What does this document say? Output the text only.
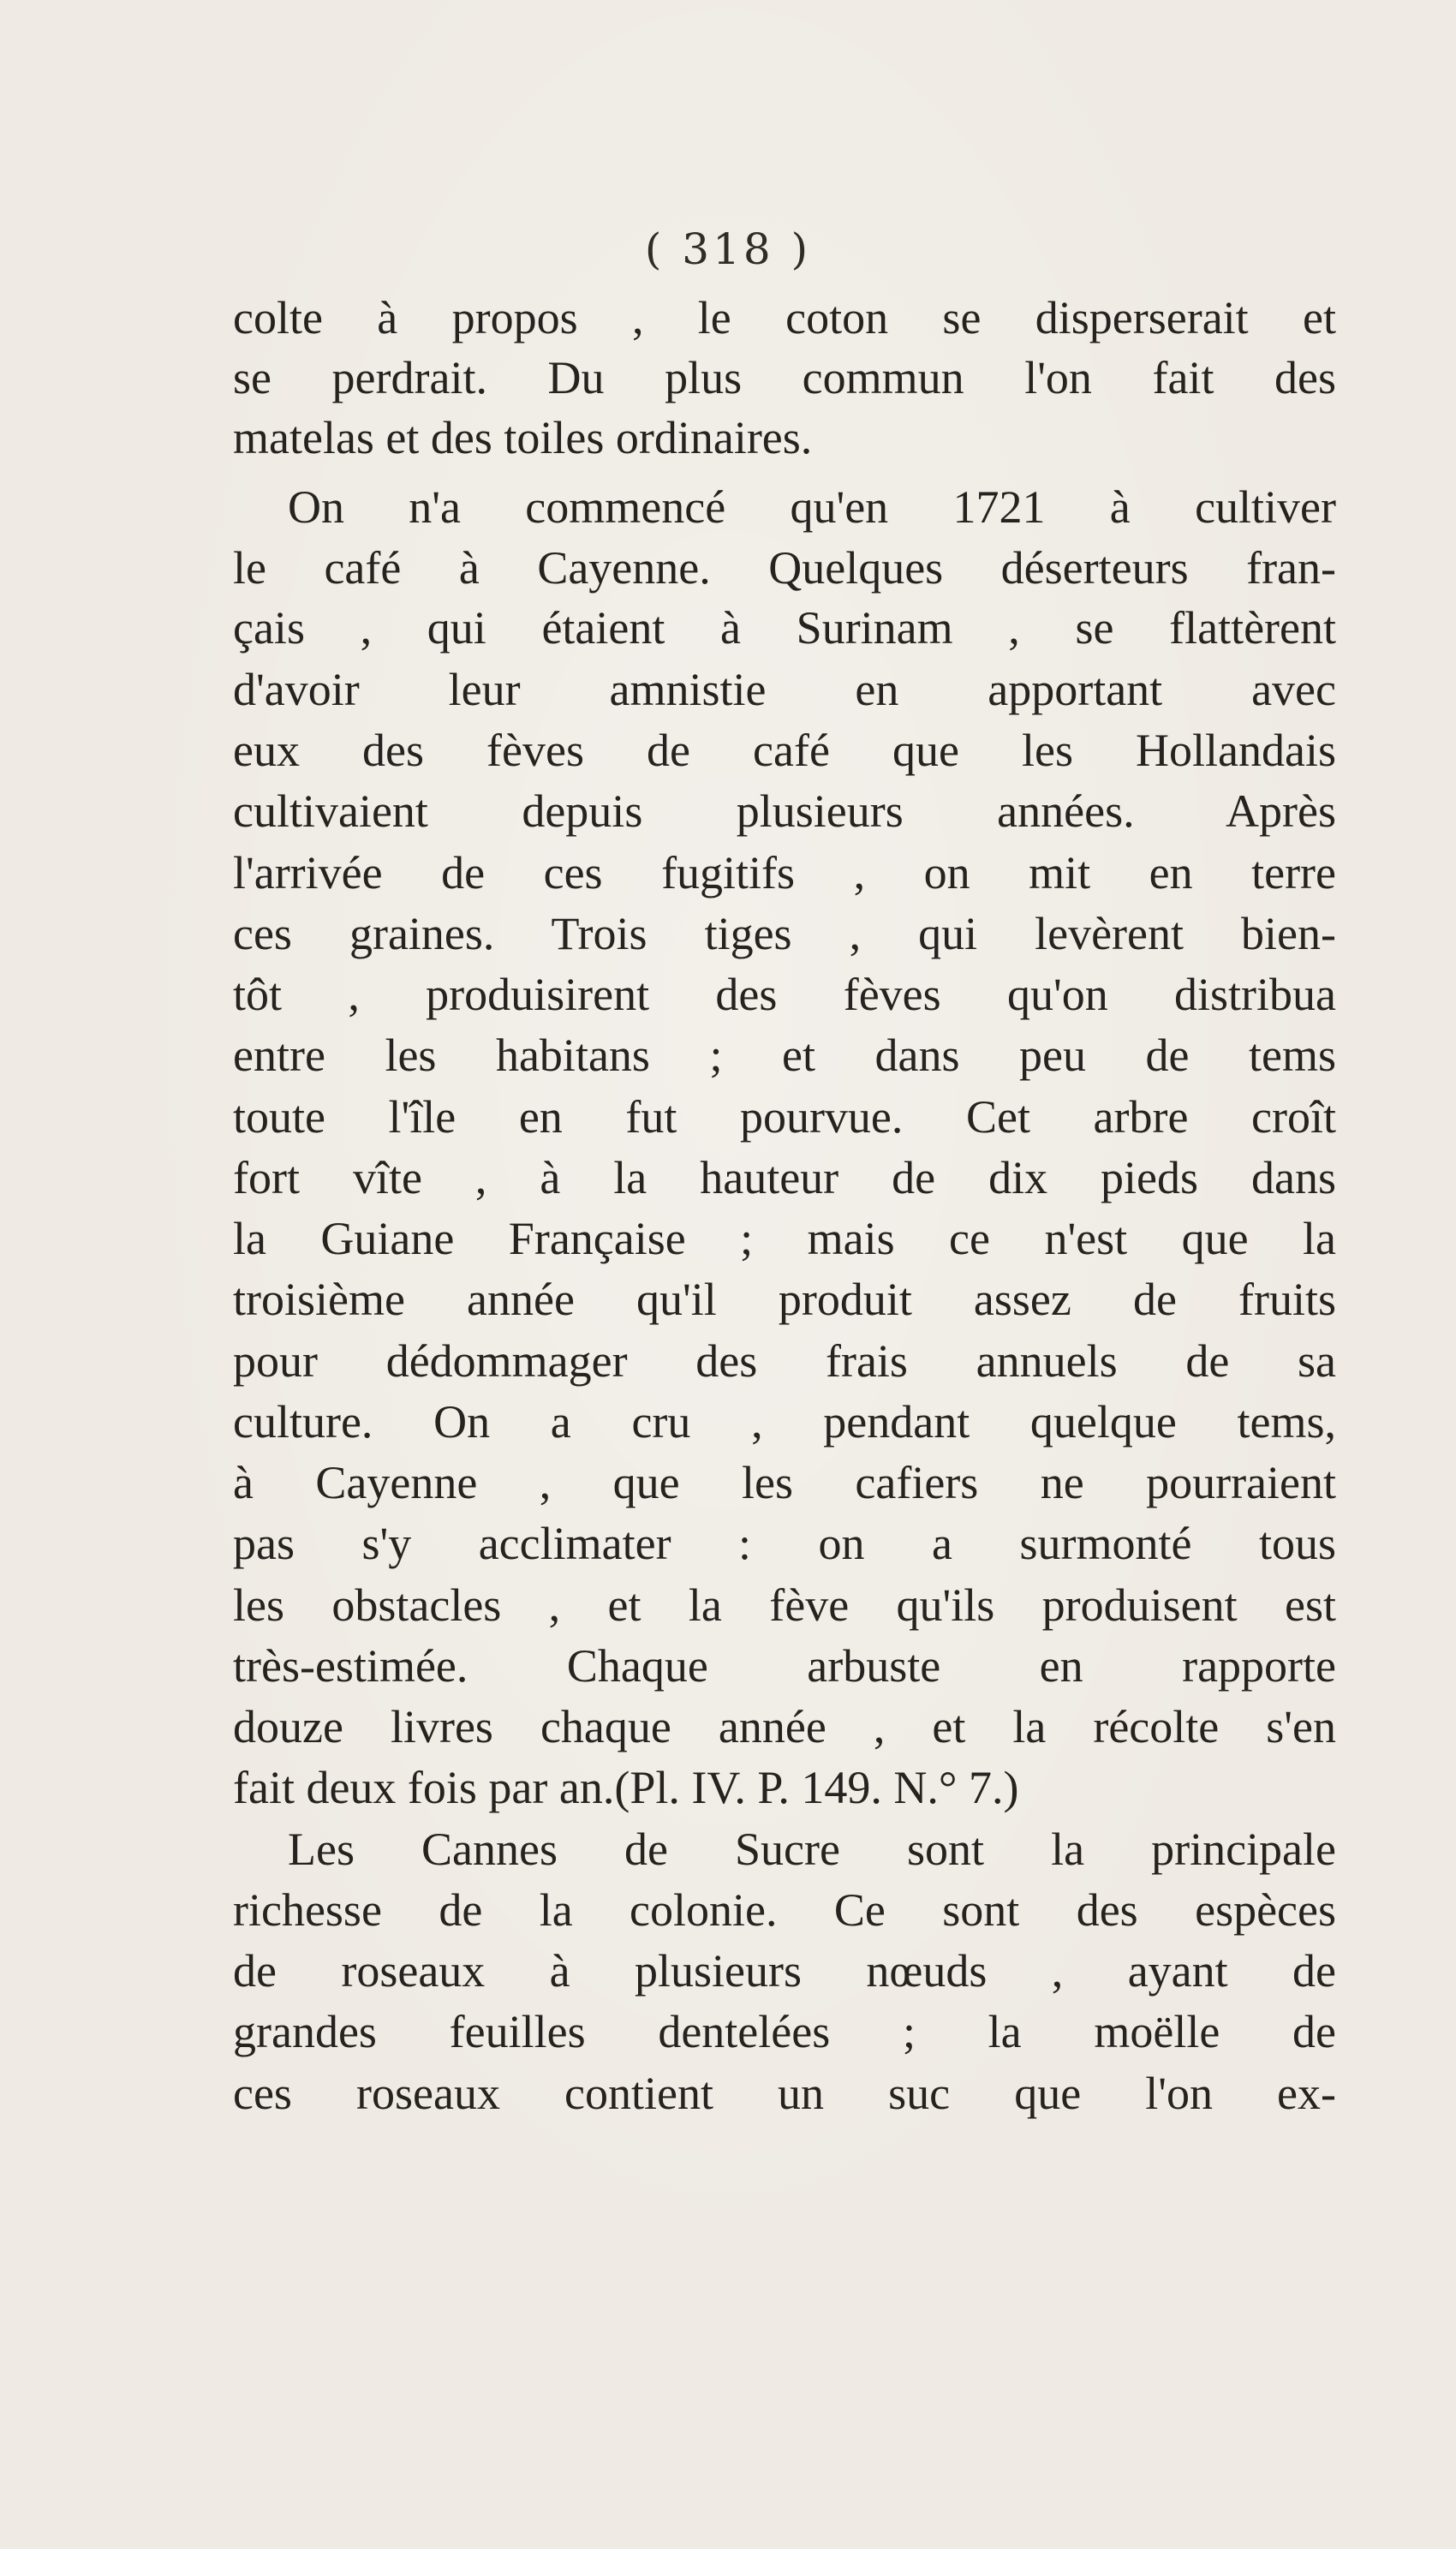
( 318 )
colte à propos , le coton se disperserait et
se perdrait. Du plus commun l'on fait des
matelas et des toiles ordinaires.
On n'a commencé qu'en 1721 à cultiver
le café à Cayenne. Quelques déserteurs fran-
çais , qui étaient à Surinam , se flattèrent
d'avoir leur amnistie en apportant avec
eux des fèves de café que les Hollandais
cultivaient depuis plusieurs années. Après
l'arrivée de ces fugitifs , on mit en terre
ces graines. Trois tiges , qui levèrent bien-
tôt , produisirent des fèves qu'on distribua
entre les habitans ; et dans peu de tems
toute l'île en fut pourvue. Cet arbre croît
fort vîte , à la hauteur de dix pieds dans
la Guiane Française ; mais ce n'est que la
troisième année qu'il produit assez de fruits
pour dédommager des frais annuels de sa
culture. On a cru , pendant quelque tems,
à Cayenne , que les cafiers ne pourraient
pas s'y acclimater : on a surmonté tous
les obstacles , et la fève qu'ils produisent est
très-estimée. Chaque arbuste en rapporte
douze livres chaque année , et la récolte s'en
fait deux fois par an.(Pl. IV. P. 149. N.° 7.)
Les Cannes de Sucre sont la principale
richesse de la colonie. Ce sont des espèces
de roseaux à plusieurs nœuds , ayant de
grandes feuilles dentelées ; la moëlle de
ces roseaux contient un suc que l'on ex-
